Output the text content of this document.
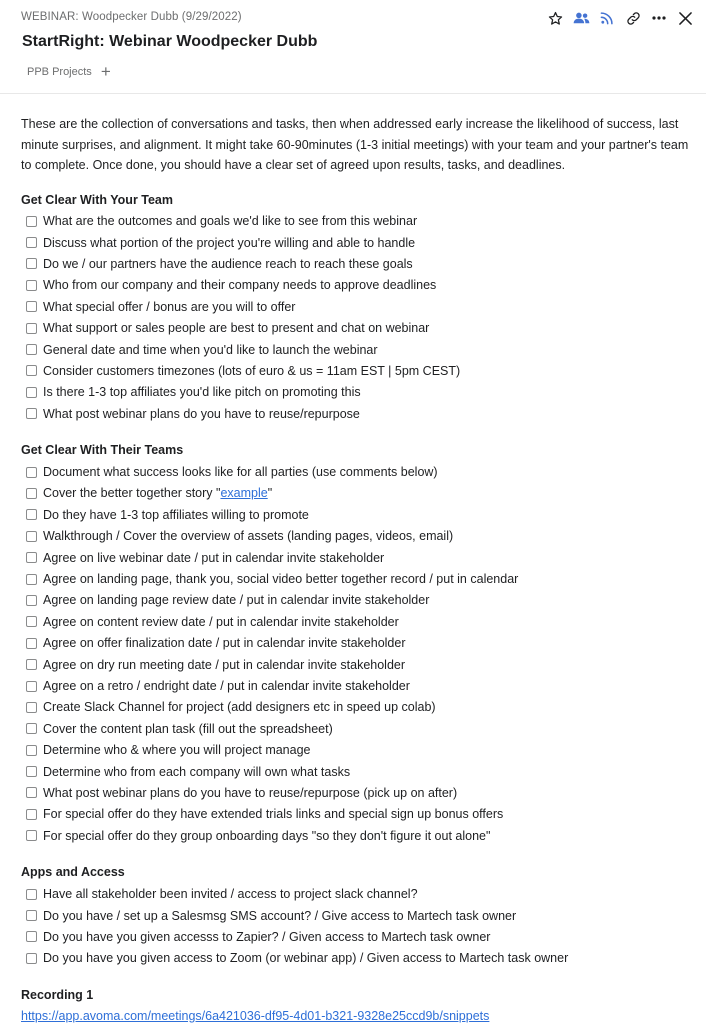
WEBINAR: Woodpecker Dubb (9/29/2022)
StartRight: Webinar Woodpecker Dubb
PPB Projects +

These are the collection of conversations and tasks, then when addressed early increase the likelihood of success, last minute surprises, and alignment. It might take 60-90minutes (1-3 initial meetings) with your team and your partner's team to complete. Once done, you should have a clear set of agreed upon results, tasks, and deadlines.

Get Clear With Your Team
What are the outcomes and goals we'd like to see from this webinar
Discuss what portion of the project you're willing and able to handle
Do we / our partners have the audience reach to reach these goals
Who from our company and their company needs to approve deadlines
What special offer / bonus are you will to offer
What support or sales people are best to present and chat on webinar
General date and time when you'd like to launch the webinar
Consider customers timezones (lots of euro & us = 11am EST | 5pm CEST)
Is there 1-3 top affiliates you'd like pitch on promoting this
What post webinar plans do you have to reuse/repurpose
Get Clear With Their Teams
Document what success looks like for all parties (use comments below)
Cover the better together story "example"
Do they have 1-3 top affiliates willing to promote
Walkthrough / Cover the overview of assets (landing pages, videos, email)
Agree on live webinar date / put in calendar invite stakeholder
Agree on landing page, thank you, social video better together record / put in calendar
Agree on landing page review date / put in calendar invite stakeholder
Agree on content review date / put in calendar invite stakeholder
Agree on offer finalization date / put in calendar invite stakeholder
Agree on dry run meeting date / put in calendar invite stakeholder
Agree on a retro / endright date / put in calendar invite stakeholder
Create Slack Channel for project (add designers etc in speed up colab)
Cover the content plan task (fill out the spreadsheet)
Determine who & where you will project manage
Determine who from each company will own what tasks
What post webinar plans do you have to reuse/repurpose (pick up on after)
For special offer do they have extended trials links and special sign up bonus offers
For special offer do they group onboarding days "so they don't figure it out alone"
Apps and Access
Have all stakeholder been invited / access to project slack channel?
Do you have / set up a Salesmsg SMS account? / Give access to Martech task owner
Do you have you given accesss to Zapier? / Given access to Martech task owner
Do you have you given access to Zoom (or webinar app) / Given access to Martech task owner
Recording 1
https://app.avoma.com/meetings/6a421036-df95-4d01-b321-9328e25ccd9b/snippets
